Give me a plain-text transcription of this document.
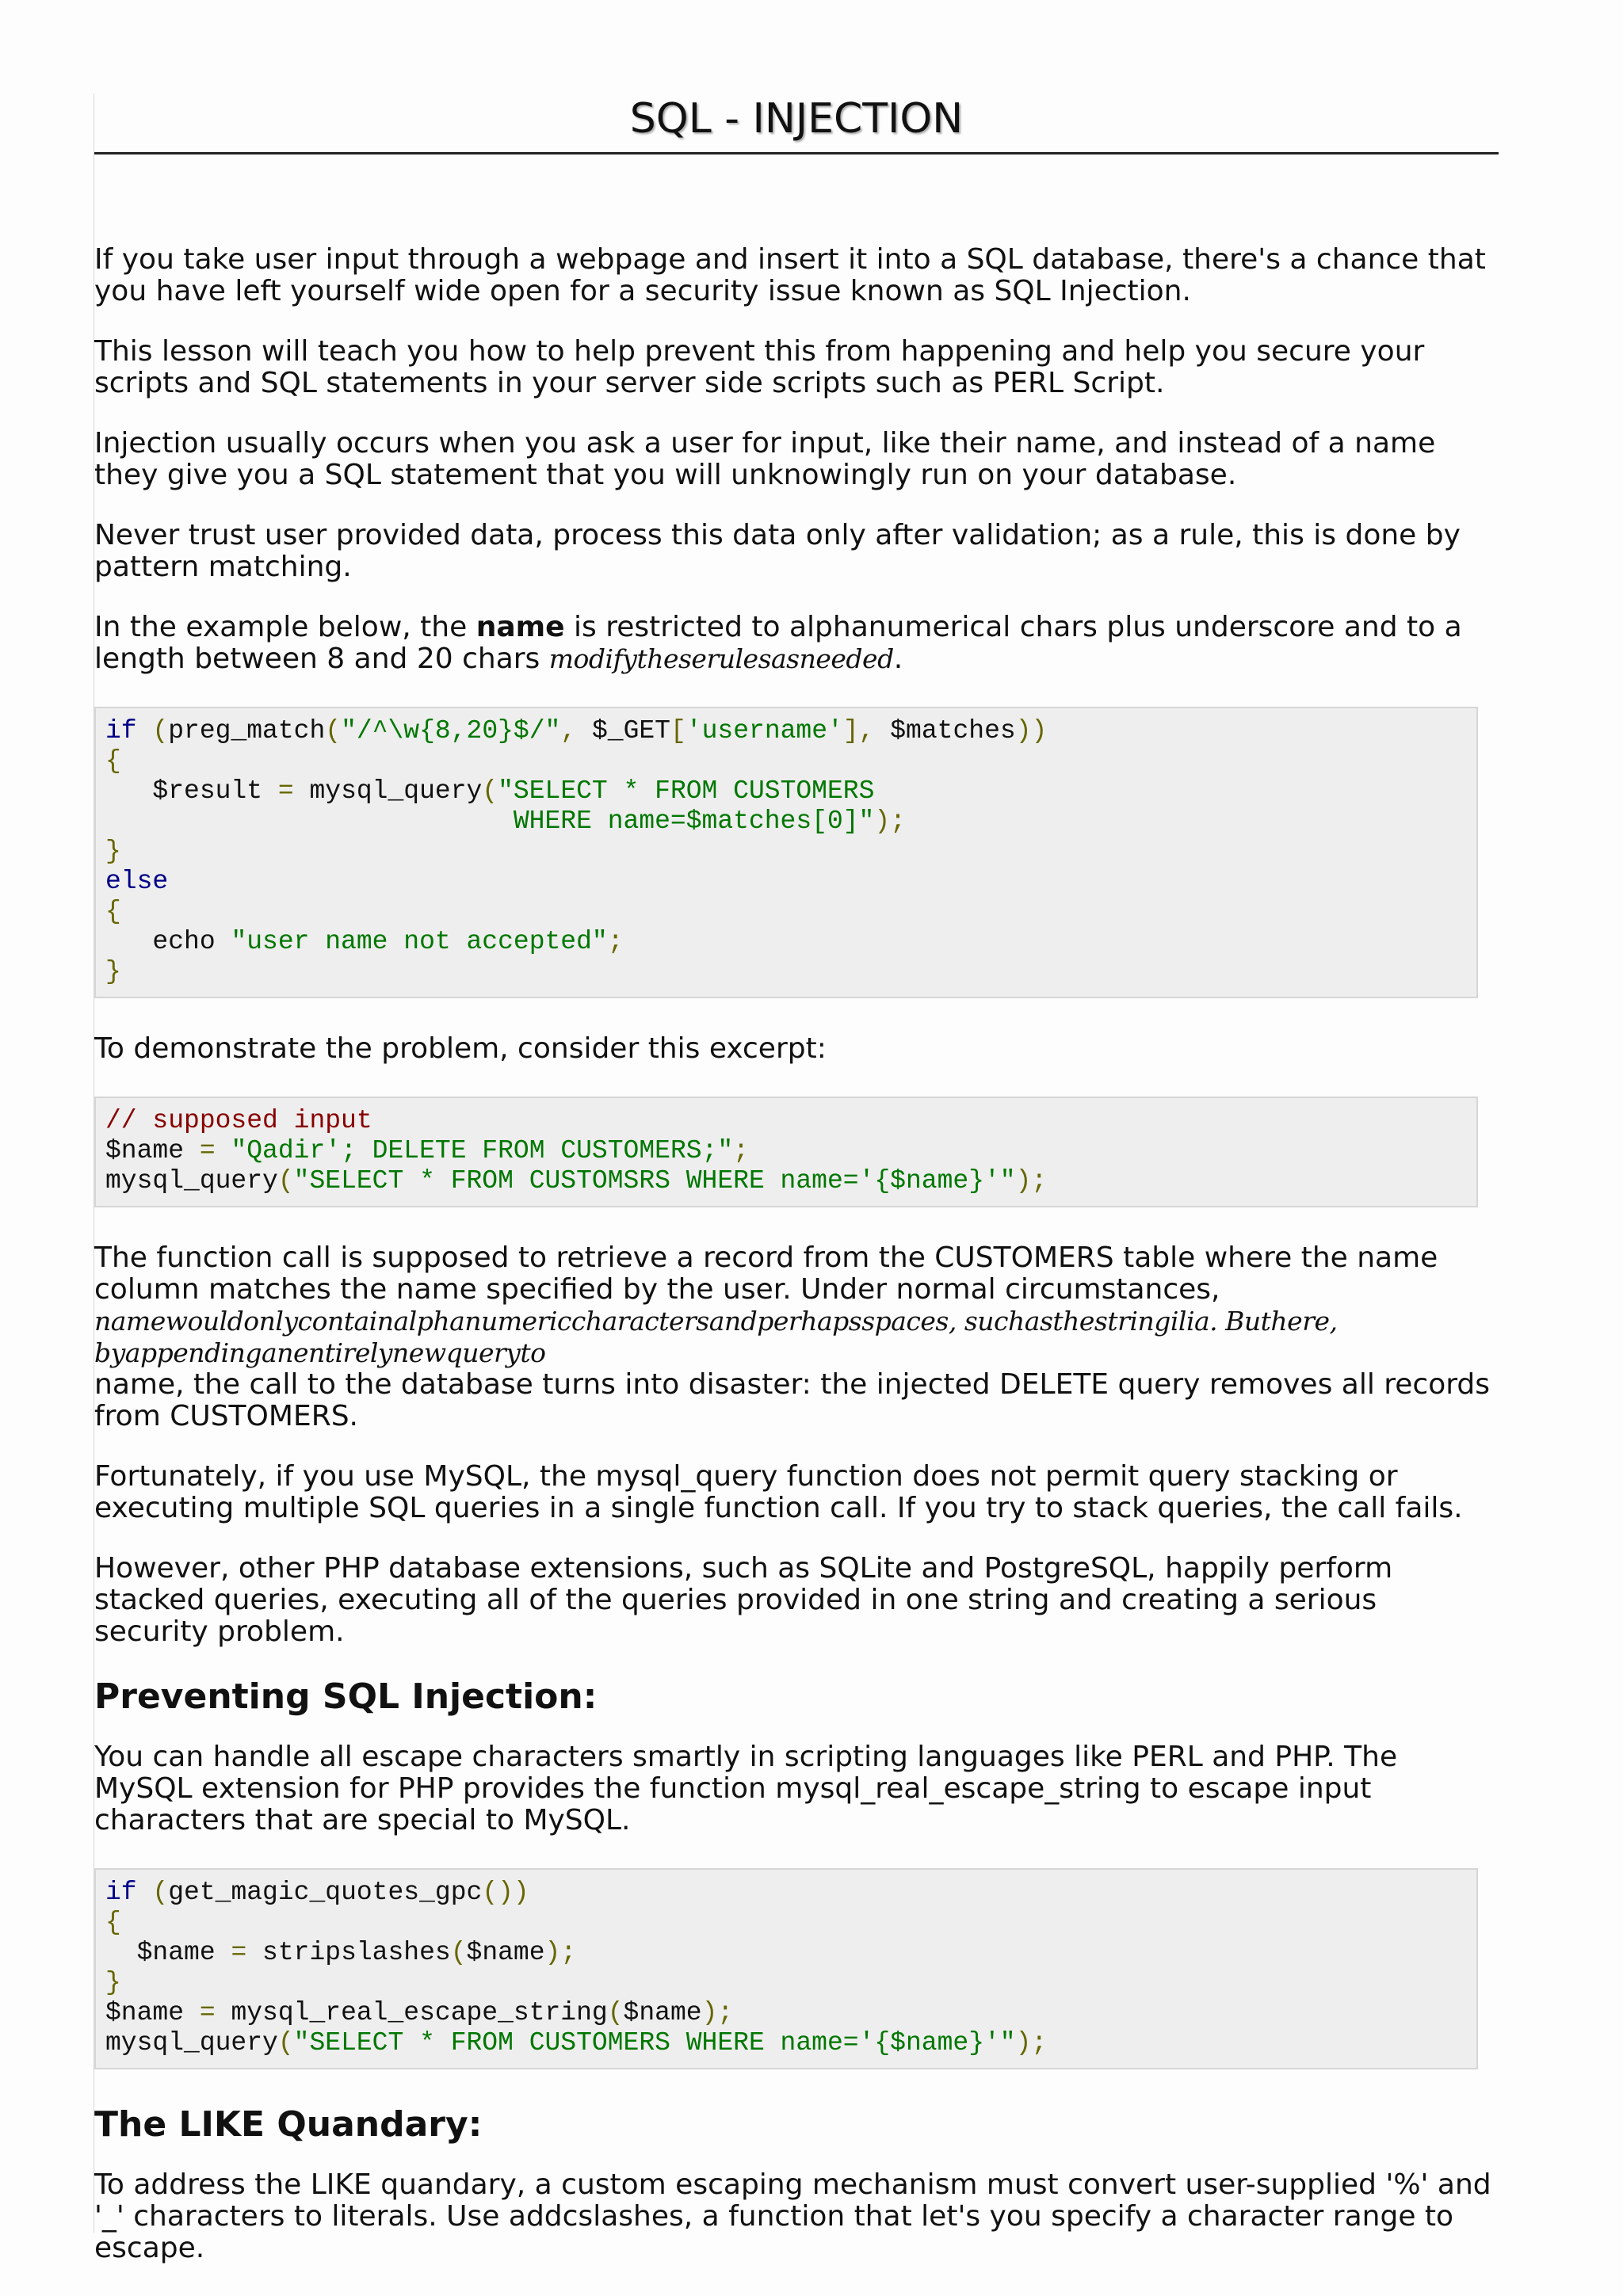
SQL - INJECTION

If you take user input through a webpage and insert it into a SQL database, there's a chance that you have left yourself wide open for a security issue known as SQL Injection.

This lesson will teach you how to help prevent this from happening and help you secure your scripts and SQL statements in your server side scripts such as PERL Script.

Injection usually occurs when you ask a user for input, like their name, and instead of a name they give you a SQL statement that you will unknowingly run on your database.

Never trust user provided data, process this data only after validation; as a rule, this is done by pattern matching.

In the example below, the name is restricted to alphanumerical chars plus underscore and to a length between 8 and 20 chars modifytheserulesasneeded.

if (preg_match("/^\w{8,20}$/", $_GET['username'], $matches))
{
$result = mysql_query("SELECT * FROM CUSTOMERS
WHERE name=$matches[0]");
}
else
{
echo "user name not accepted";
}

To demonstrate the problem, consider this excerpt:

// supposed input
$name = "Qadir'; DELETE FROM CUSTOMERS;";
mysql_query("SELECT * FROM CUSTOMSRS WHERE name='{$name}'");

The function call is supposed to retrieve a record from the CUSTOMERS table where the name column matches the name specified by the user. Under normal circumstances,
namewouldonlycontainalphanumericcharactersandperhapsspaces, suchasthestringilia. Buthere, byappendinganentirelynewqueryto
name, the call to the database turns into disaster: the injected DELETE query removes all records from CUSTOMERS.

Fortunately, if you use MySQL, the mysql_query function does not permit query stacking or executing multiple SQL queries in a single function call. If you try to stack queries, the call fails.

However, other PHP database extensions, such as SQLite and PostgreSQL, happily perform stacked queries, executing all of the queries provided in one string and creating a serious security problem.

Preventing SQL Injection:

You can handle all escape characters smartly in scripting languages like PERL and PHP. The MySQL extension for PHP provides the function mysql_real_escape_string to escape input characters that are special to MySQL.

if (get_magic_quotes_gpc())
{
$name = stripslashes($name);
}
$name = mysql_real_escape_string($name);
mysql_query("SELECT * FROM CUSTOMERS WHERE name='{$name}'");
The LIKE Quandary:

To address the LIKE quandary, a custom escaping mechanism must convert user-supplied '%' and '_' characters to literals. Use addcslashes, a function that let's you specify a character range to escape.
